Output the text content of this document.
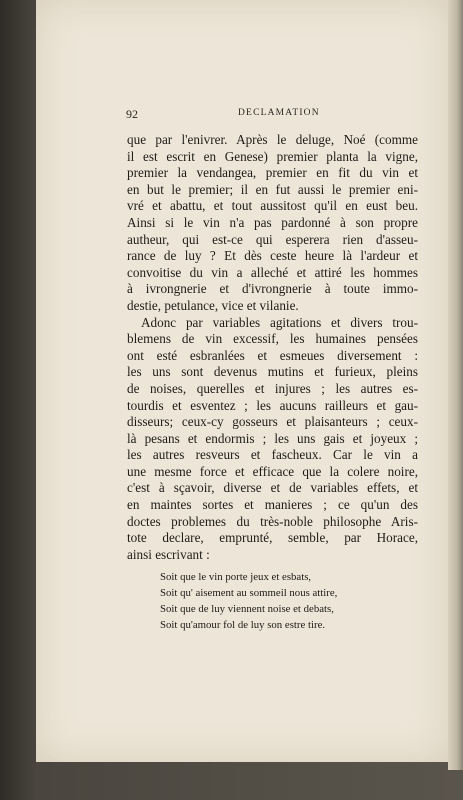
92	DECLAMATION
que par l'enivrer. Après le deluge, Noé (comme
il est escrit en Genese) premier planta la vigne,
premier la vendangea, premier en fit du vin et
en but le premier; il en fut aussi le premier eni-
vré et abattu, et tout aussitost qu'il en eust beu.
Ainsi si le vin n'a pas pardonné à son propre
autheur, qui est-ce qui esperera rien d'asseu-
rance de luy ? Et dès ceste heure là l'ardeur et
convoitise du vin a alleché et attiré les hommes
à ivrongnerie et d'ivrongnerie à toute immo-
destie, petulance, vice et vilanie.
Adonc par variables agitations et divers trou-
blemens de vin excessif, les humaines pensées
ont esté esbranlées et esmeues diversement :
les uns sont devenus mutins et furieux, pleins
de noises, querelles et injures ; les autres es-
tourdis et esventez ; les aucuns railleurs et gau-
disseurs; ceux-cy gosseurs et plaisanteurs ; ceux-
là pesans et endormis ; les uns gais et joyeux ;
les autres resveurs et fascheux. Car le vin a
une mesme force et efficace que la colere noire,
c'est à sçavoir, diverse et de variables effets, et
en maintes sortes et manieres ; ce qu'un des
doctes problemes du très-noble philosophe Aris-
tote declare, emprunté, semble, par Horace,
ainsi escrivant :
Soit que le vin porte jeux et esbats,
Soit qu' aisement au sommeil nous attire,
Soit que de luy viennent noise et debats,
Soit qu'amour fol de luy son estre tire.
